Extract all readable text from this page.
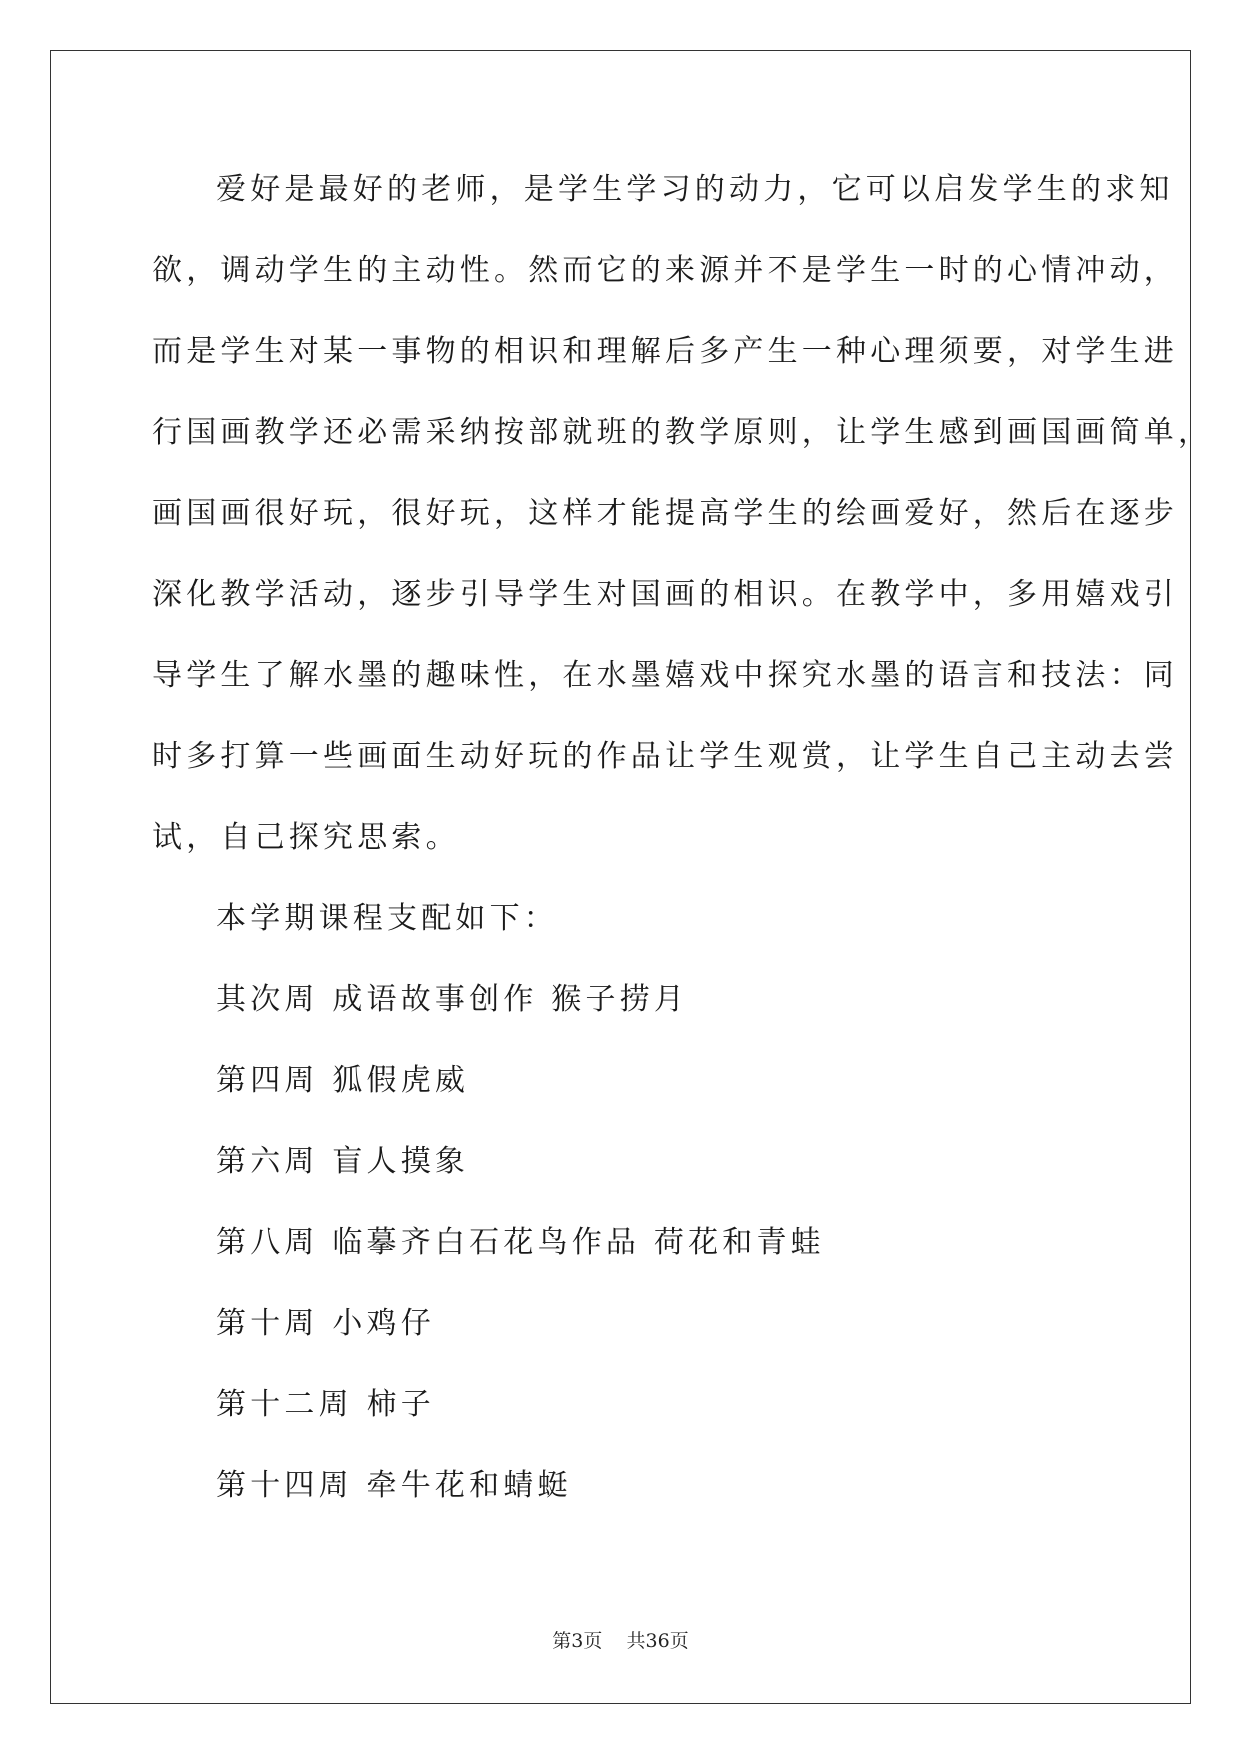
爱好是最好的老师，是学生学习的动力，它可以启发学生的求知
欲，调动学生的主动性。然而它的来源并不是学生一时的心情冲动，
而是学生对某一事物的相识和理解后多产生一种心理须要，对学生进
行国画教学还必需采纳按部就班的教学原则，让学生感到画国画简单，
画国画很好玩，很好玩，这样才能提高学生的绘画爱好，然后在逐步
深化教学活动，逐步引导学生对国画的相识。在教学中，多用嬉戏引
导学生了解水墨的趣味性，在水墨嬉戏中探究水墨的语言和技法：同
时多打算一些画面生动好玩的作品让学生观赏，让学生自己主动去尝
试，自己探究思索。
本学期课程支配如下：
其次周 成语故事创作 猴子捞月
第四周 狐假虎威
第六周 盲人摸象
第八周 临摹齐白石花鸟作品 荷花和青蛙
第十周 小鸡仔
第十二周 柿子
第十四周 牵牛花和蜻蜓
第3页 共36页
